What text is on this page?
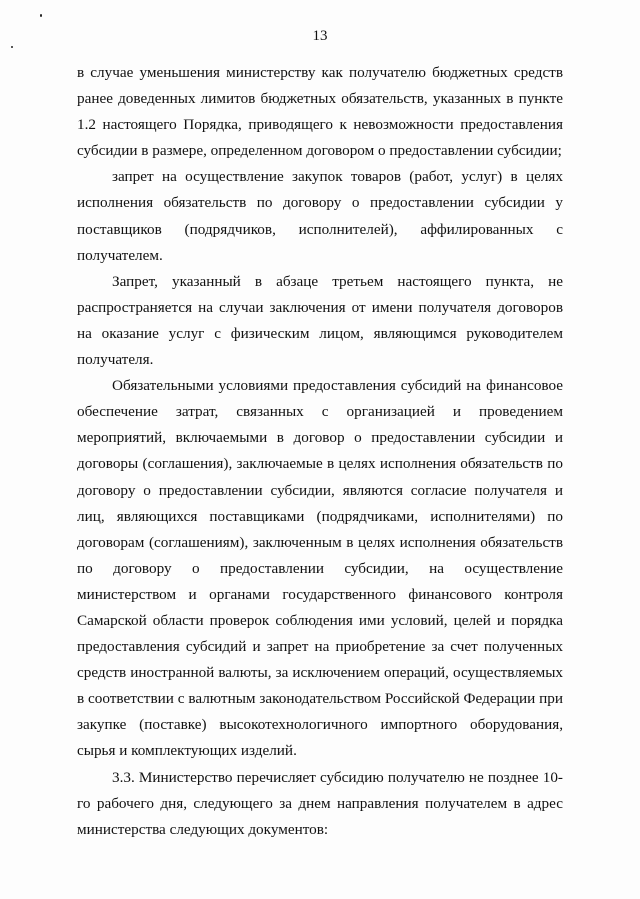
13

в случае уменьшения министерству как получателю бюджетных средств ранее доведенных лимитов бюджетных обязательств, указанных в пункте 1.2 настоящего Порядка, приводящего к невозможности предоставления субсидии в размере, определенном договором о предоставлении субсидии;

запрет на осуществление закупок товаров (работ, услуг) в целях исполнения обязательств по договору о предоставлении субсидии у поставщиков (подрядчиков, исполнителей), аффилированных с получателем.

Запрет, указанный в абзаце третьем настоящего пункта, не распространяется на случаи заключения от имени получателя договоров на оказание услуг с физическим лицом, являющимся руководителем получателя.

Обязательными условиями предоставления субсидий на финансовое обеспечение затрат, связанных с организацией и проведением мероприятий, включаемыми в договор о предоставлении субсидии и договоры (соглашения), заключаемые в целях исполнения обязательств по договору о предоставлении субсидии, являются согласие получателя и лиц, являющихся поставщиками (подрядчиками, исполнителями) по договорам (соглашениям), заключенным в целях исполнения обязательств по договору о предоставлении субсидии, на осуществление министерством и органами государственного финансового контроля Самарской области проверок соблюдения ими условий, целей и порядка предоставления субсидий и запрет на приобретение за счет полученных средств иностранной валюты, за исключением операций, осуществляемых в соответствии с валютным законодательством Российской Федерации при закупке (поставке) высокотехнологичного импортного оборудования, сырья и комплектующих изделий.

3.3. Министерство перечисляет субсидию получателю не позднее 10-го рабочего дня, следующего за днем направления получателем в адрес министерства следующих документов:
